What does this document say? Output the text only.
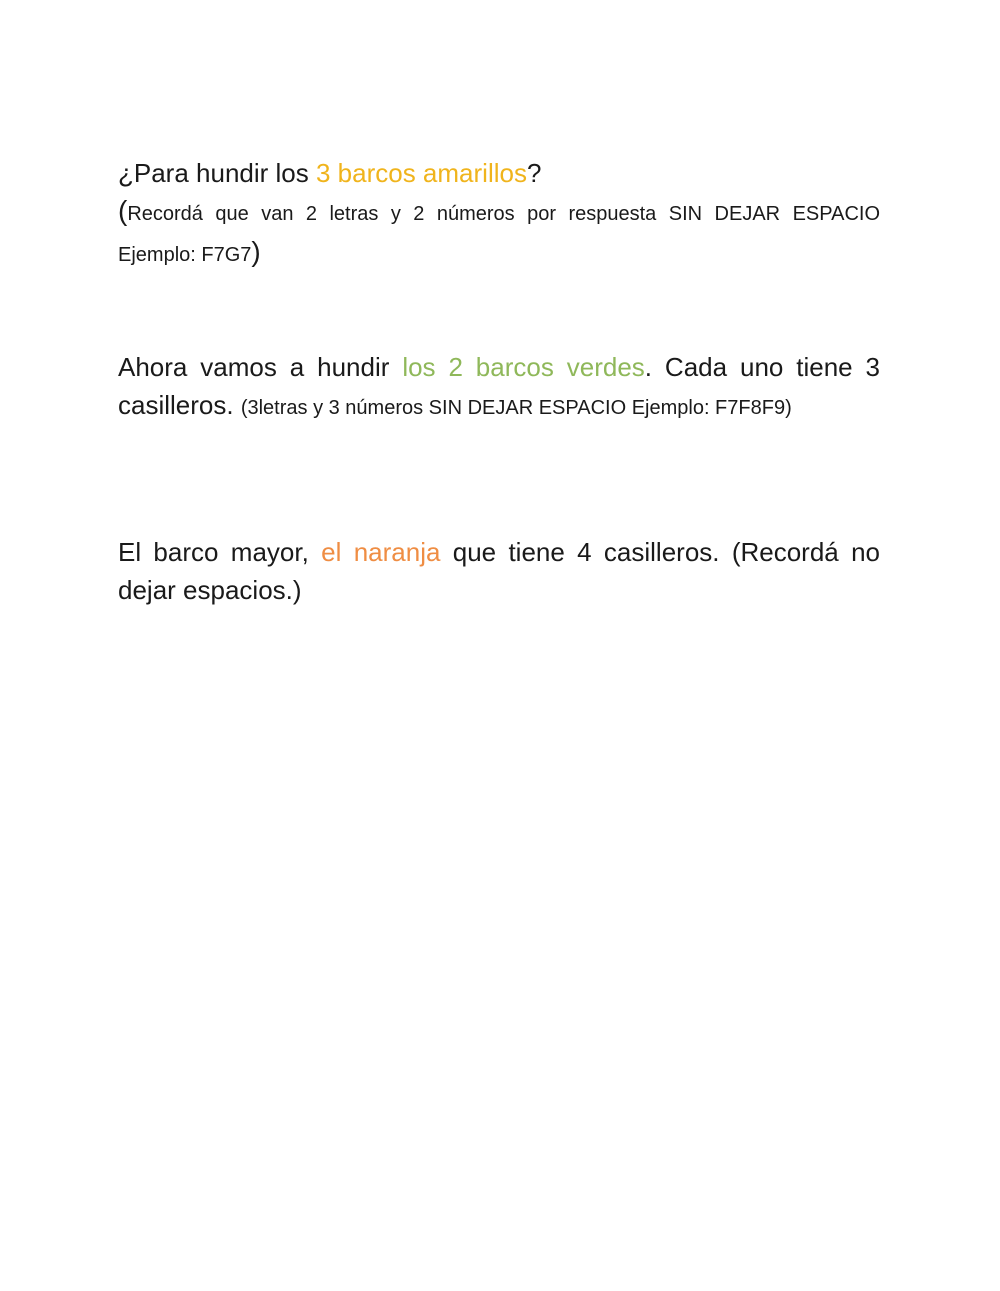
¿Para hundir los 3 barcos amarillos?
(Recordá que van 2 letras y 2 números por respuesta SIN DEJAR ESPACIO Ejemplo: F7G7)
Ahora vamos a hundir los 2 barcos verdes. Cada uno tiene 3 casilleros. (3letras y 3 números SIN DEJAR ESPACIO Ejemplo: F7F8F9)
El barco mayor, el naranja que tiene 4 casilleros. (Recordá no dejar espacios.)
